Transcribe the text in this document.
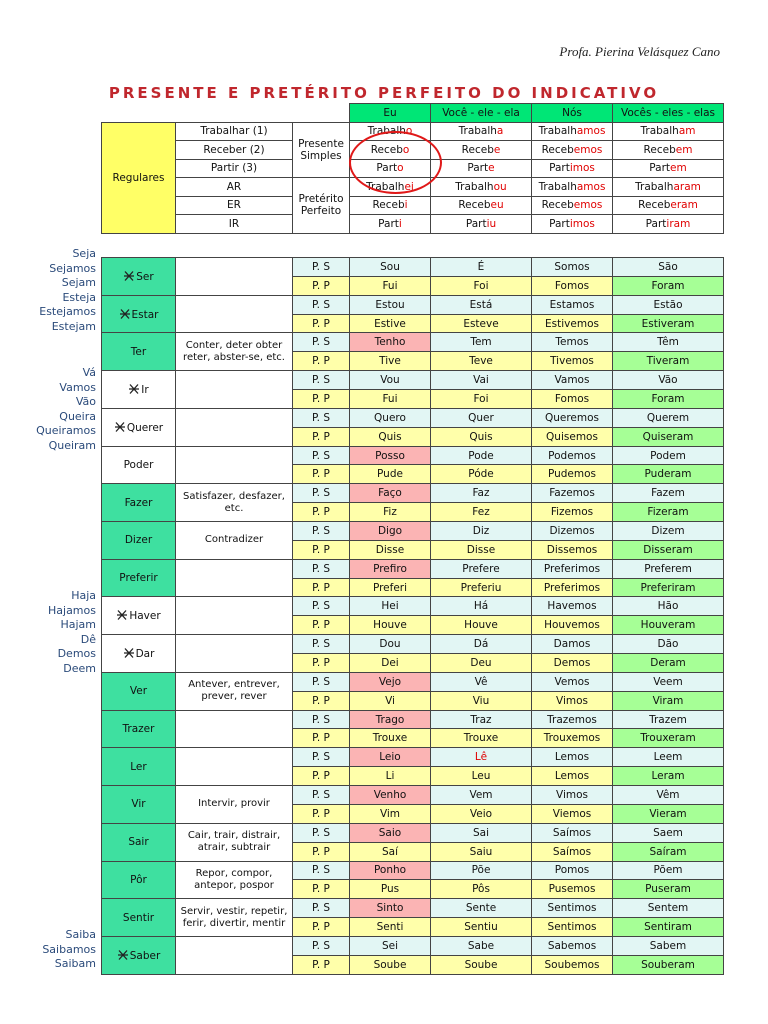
Profa. Pierina Velásquez Cano
PRESENTE E PRETÉRITO PERFEITO DO INDICATIVO
			Eu	Você - ele - ela	Nós	Vocês - eles - elas
Regulares	Trabalhar (1)	Presente Simples	Trabalho	Trabalha	Trabalhamos	Trabalham
	Receber (2)		Recebo	Recebe	Recebemos	Recebem
	Partir (3)		Parto	Parte	Partimos	Partem
	AR	Pretérito Perfeito	Trabalhei	Trabalhou	Trabalhamos	Trabalharam
	ER		Recebi	Recebeu	Recebemos	Receberam
	IR		Parti	Partiu	Partimos	Partiram
Ser		P. S	Sou	É	Somos	São
		P. P	Fui	Foi	Fomos	Foram
Estar		P. S	Estou	Está	Estamos	Estão
		P. P	Estive	Esteve	Estivemos	Estiveram
Ter	Conter, deter obter reter, abster-se, etc.	P. S	Tenho	Tem	Temos	Têm
		P. P	Tive	Teve	Tivemos	Tiveram
Ir		P. S	Vou	Vai	Vamos	Vão
		P. P	Fui	Foi	Fomos	Foram
Querer		P. S	Quero	Quer	Queremos	Querem
		P. P	Quis	Quis	Quisemos	Quiseram
Poder		P. S	Posso	Pode	Podemos	Podem
		P. P	Pude	Póde	Pudemos	Puderam
Fazer	Satisfazer, desfazer, etc.	P. S	Faço	Faz	Fazemos	Fazem
		P. P	Fiz	Fez	Fizemos	Fizeram
Dizer	Contradizer	P. S	Digo	Diz	Dizemos	Dizem
		P. P	Disse	Disse	Dissemos	Disseram
Preferir		P. S	Prefiro	Prefere	Preferimos	Preferem
		P. P	Preferi	Preferiu	Preferimos	Preferiram
Haver		P. S	Hei	Há	Havemos	Hão
		P. P	Houve	Houve	Houvemos	Houveram
Dar		P. S	Dou	Dá	Damos	Dão
		P. P	Dei	Deu	Demos	Deram
Ver	Antever, entrever, prever, rever	P. S	Vejo	Vê	Vemos	Veem
		P. P	Vi	Viu	Vimos	Viram
Trazer		P. S	Trago	Traz	Trazemos	Trazem
		P. P	Trouxe	Trouxe	Trouxemos	Trouxeram
Ler		P. S	Leio	Lê	Lemos	Leem
		P. P	Li	Leu	Lemos	Leram
Vir	Intervir, provir	P. S	Venho	Vem	Vimos	Vêm
		P. P	Vim	Veio	Viemos	Vieram
Sair	Cair, trair, distrair, atrair, subtrair	P. S	Saio	Sai	Saímos	Saem
		P. P	Saí	Saiu	Saímos	Saíram
Pôr	Repor, compor, antepor, pospor	P. S	Ponho	Põe	Pomos	Põem
		P. P	Pus	Pôs	Pusemos	Puseram
Sentir	Servir, vestir, repetir, ferir, divertir, mentir	P. S	Sinto	Sente	Sentimos	Sentem
		P. P	Senti	Sentiu	Sentimos	Sentiram
Saber		P. S	Sei	Sabe	Sabemos	Sabem
		P. P	Soube	Soube	Soubemos	Souberam
Seja
Sejamos
Sejam
Esteja
Estejamos
Estejam
Vá
Vamos
Vão
Queira
Queiramos
Queiram
Haja
Hajamos
Hajam
Dê
Demos
Deem
Saiba
Saibamos
Saibam
